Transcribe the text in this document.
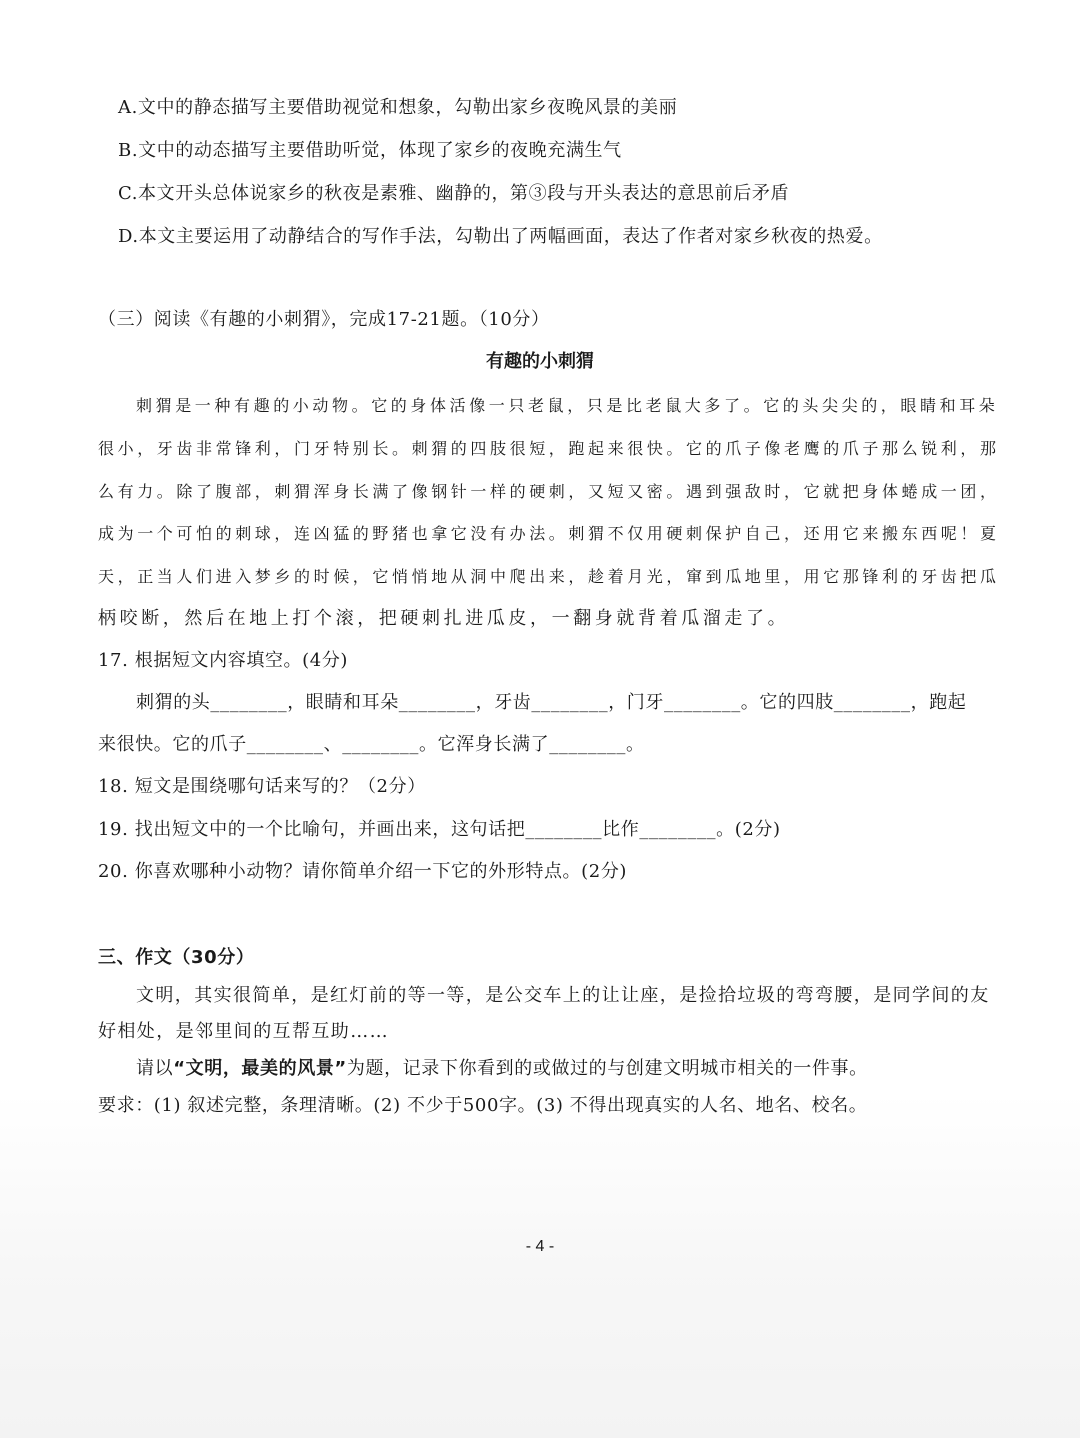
A.文中的静态描写主要借助视觉和想象，勾勒出家乡夜晚风景的美丽
B.文中的动态描写主要借助听觉，体现了家乡的夜晚充满生气
C.本文开头总体说家乡的秋夜是素雅、幽静的，第③段与开头表达的意思前后矛盾
D.本文主要运用了动静结合的写作手法，勾勒出了两幅画面，表达了作者对家乡秋夜的热爱。
（三）阅读《有趣的小刺猬》，完成17-21题。（10分）
有趣的小刺猬
刺猬是一种有趣的小动物。它的身体活像一只老鼠，只是比老鼠大多了。它的头尖尖的，眼睛和耳朵
很小，牙齿非常锋利，门牙特别长。刺猬的四肢很短，跑起来很快。它的爪子像老鹰的爪子那么锐利，那
么有力。除了腹部，刺猬浑身长满了像钢针一样的硬刺，又短又密。遇到强敌时，它就把身体蜷成一团，
成为一个可怕的刺球，连凶猛的野猪也拿它没有办法。刺猬不仅用硬刺保护自己，还用它来搬东西呢！夏
天，正当人们进入梦乡的时候，它悄悄地从洞中爬出来，趁着月光，窜到瓜地里，用它那锋利的牙齿把瓜
柄咬断，然后在地上打个滚，把硬刺扎进瓜皮，一翻身就背着瓜溜走了。
17. 根据短文内容填空。(4分)
刺猬的头________，眼睛和耳朵________，牙齿________，门牙________。它的四肢________，跑起
来很快。它的爪子________、________。它浑身长满了________。
18. 短文是围绕哪句话来写的？（2分）
19. 找出短文中的一个比喻句，并画出来，这句话把________比作________。(2分)
20. 你喜欢哪种小动物？请你简单介绍一下它的外形特点。(2分)
三、作文（30分）
文明，其实很简单，是红灯前的等一等，是公交车上的让让座，是捡拾垃圾的弯弯腰，是同学间的友
好相处，是邻里间的互帮互助……
请以“文明，最美的风景”为题，记录下你看到的或做过的与创建文明城市相关的一件事。
要求：(1) 叙述完整，条理清晰。(2) 不少于500字。(3) 不得出现真实的人名、地名、校名。
- 4 -
